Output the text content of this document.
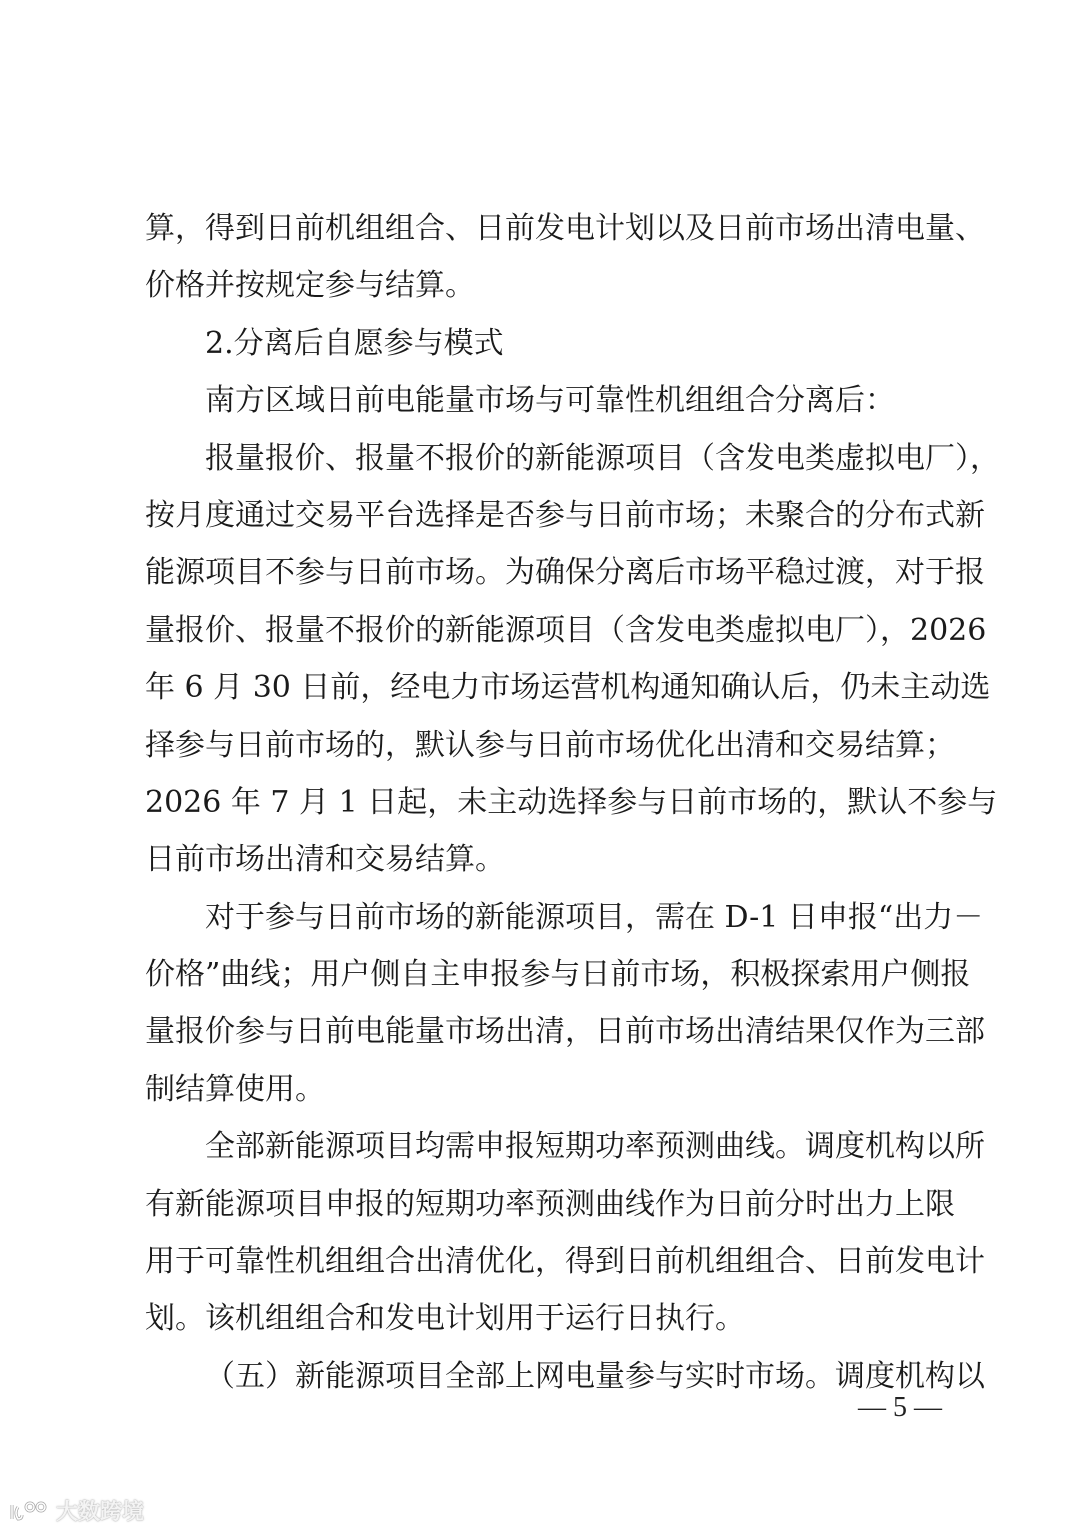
算，得到日前机组组合、日前发电计划以及日前市场出清电量、
价格并按规定参与结算。
2.分离后自愿参与模式
南方区域日前电能量市场与可靠性机组组合分离后：
报量报价、报量不报价的新能源项目（含发电类虚拟电厂），
按月度通过交易平台选择是否参与日前市场；未聚合的分布式新
能源项目不参与日前市场。为确保分离后市场平稳过渡，对于报
量报价、报量不报价的新能源项目（含发电类虚拟电厂），2026
年 6 月 30 日前，经电力市场运营机构通知确认后，仍未主动选
择参与日前市场的，默认参与日前市场优化出清和交易结算；
2026 年 7 月 1 日起，未主动选择参与日前市场的，默认不参与
日前市场出清和交易结算。
对于参与日前市场的新能源项目，需在 D-1 日申报“出力－
价格”曲线；用户侧自主申报参与日前市场，积极探索用户侧报
量报价参与日前电能量市场出清，日前市场出清结果仅作为三部
制结算使用。
全部新能源项目均需申报短期功率预测曲线。调度机构以所
有新能源项目申报的短期功率预测曲线作为日前分时出力上限
用于可靠性机组组合出清优化，得到日前机组组合、日前发电计
划。该机组组合和发电计划用于运行日执行。
（五）新能源项目全部上网电量参与实时市场。调度机构以
— 5 —
大数跨境
